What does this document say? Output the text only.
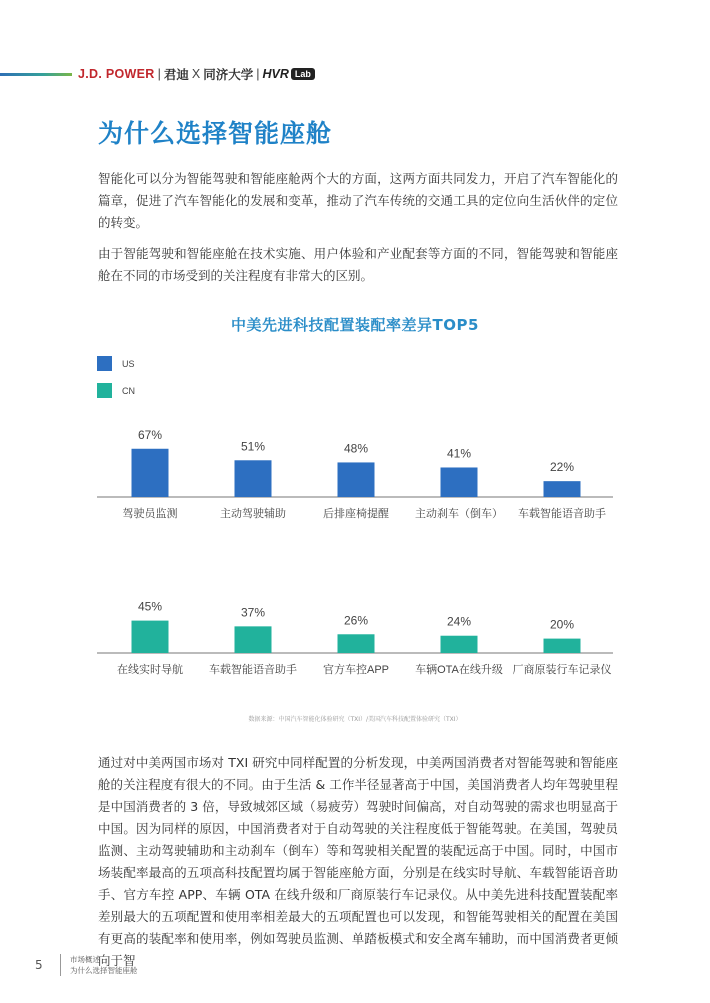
J.D. POWER | 君迪 X 同济大学 | HVR Lab
为什么选择智能座舱

智能化可以分为智能驾驶和智能座舱两个大的方面，这两方面共同发力，开启了汽车智能化的篇章，促进了汽车智能化的发展和变革，推动了汽车传统的交通工具的定位向生活伙伴的定位的转变。

由于智能驾驶和智能座舱在技术实施、用户体验和产业配套等方面的不同，智能驾驶和智能座舱在不同的市场受到的关注程度有非常大的区别。

中美先进科技配置装配率差异TOP5
US
CN
67%
驾驶员监测
51%
主动驾驶辅助
48%
后排座椅提醒
41%
主动刹车（倒车）
22%
车载智能语音助手
45%
在线实时导航
37%
车载智能语音助手
26%
官方车控APP
24%
车辆OTA在线升级
20%
厂商原装行车记录仪
数据来源：中国汽车智能化体验研究（TXI）/美国汽车科技配置体验研究（TXI）

通过对中美两国市场对 TXI 研究中同样配置的分析发现，中美两国消费者对智能驾驶和智能座舱的关注程度有很大的不同。由于生活 & 工作半径显著高于中国，美国消费者人均年驾驶里程是中国消费者的 3 倍，导致城郊区域（易疲劳）驾驶时间偏高，对自动驾驶的需求也明显高于中国。因为同样的原因，中国消费者对于自动驾驶的关注程度低于智能驾驶。在美国，驾驶员监测、主动驾驶辅助和主动刹车（倒车）等和驾驶相关配置的装配远高于中国。同时，中国市场装配率最高的五项高科技配置均属于智能座舱方面，分别是在线实时导航、车载智能语音助手、官方车控 APP、车辆 OTA 在线升级和厂商原装行车记录仪。从中美先进科技配置装配率差别最大的五项配置和使用率相差最大的五项配置也可以发现，和智能驾驶相关的配置在美国有更高的装配率和使用率，例如驾驶员监测、单踏板模式和安全离车辅助，而中国消费者更倾向于智

5	市场概述
为什么选择智能座舱
